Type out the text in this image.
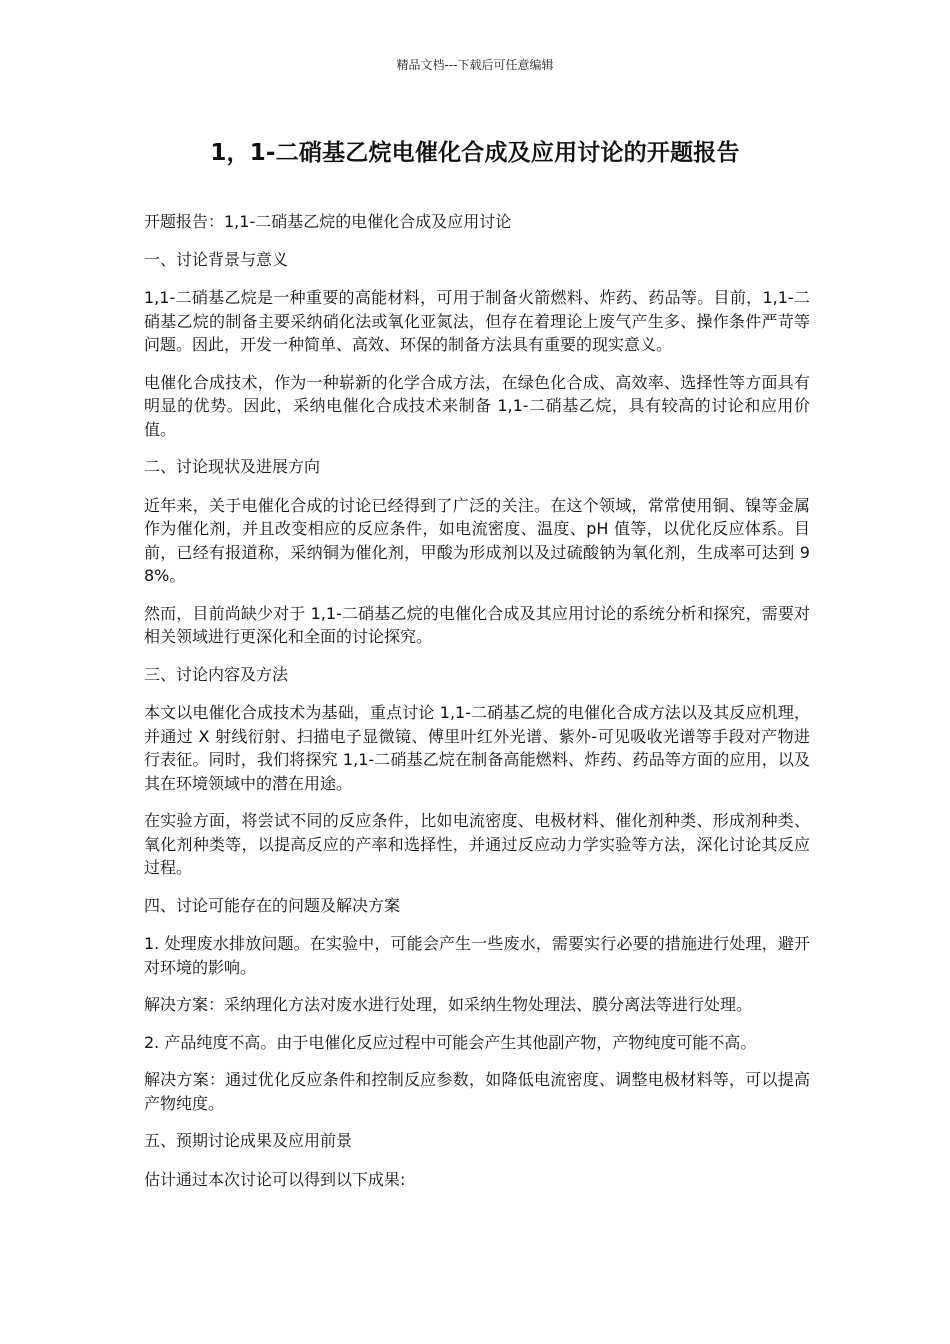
精品文档---下载后可任意编辑
1，1-二硝基乙烷电催化合成及应用讨论的开题报告

开题报告：1,1-二硝基乙烷的电催化合成及应用讨论

一、讨论背景与意义

1,1-二硝基乙烷是一种重要的高能材料，可用于制备火箭燃料、炸药、药品等。目前，1,1-二硝基乙烷的制备主要采纳硝化法或氧化亚氮法，但存在着理论上废气产生多、操作条件严苛等问题。因此，开发一种简单、高效、环保的制备方法具有重要的现实意义。

电催化合成技术，作为一种崭新的化学合成方法，在绿色化合成、高效率、选择性等方面具有明显的优势。因此，采纳电催化合成技术来制备 1,1-二硝基乙烷，具有较高的讨论和应用价值。

二、讨论现状及进展方向

近年来，关于电催化合成的讨论已经得到了广泛的关注。在这个领域，常常使用铜、镍等金属作为催化剂，并且改变相应的反应条件，如电流密度、温度、pH 值等，以优化反应体系。目前，已经有报道称，采纳铜为催化剂，甲酸为形成剂以及过硫酸钠为氧化剂，生成率可达到 98%。

然而，目前尚缺少对于 1,1-二硝基乙烷的电催化合成及其应用讨论的系统分析和探究，需要对相关领域进行更深化和全面的讨论探究。

三、讨论内容及方法

本文以电催化合成技术为基础，重点讨论 1,1-二硝基乙烷的电催化合成方法以及其反应机理，并通过 X 射线衍射、扫描电子显微镜、傅里叶红外光谱、紫外-可见吸收光谱等手段对产物进行表征。同时，我们将探究 1,1-二硝基乙烷在制备高能燃料、炸药、药品等方面的应用，以及其在环境领域中的潜在用途。

在实验方面，将尝试不同的反应条件，比如电流密度、电极材料、催化剂种类、形成剂种类、氧化剂种类等，以提高反应的产率和选择性，并通过反应动力学实验等方法，深化讨论其反应过程。

四、讨论可能存在的问题及解决方案

1. 处理废水排放问题。在实验中，可能会产生一些废水，需要实行必要的措施进行处理，避开对环境的影响。

解决方案：采纳理化方法对废水进行处理，如采纳生物处理法、膜分离法等进行处理。

2. 产品纯度不高。由于电催化反应过程中可能会产生其他副产物，产物纯度可能不高。

解决方案：通过优化反应条件和控制反应参数，如降低电流密度、调整电极材料等，可以提高产物纯度。

五、预期讨论成果及应用前景

估计通过本次讨论可以得到以下成果:
